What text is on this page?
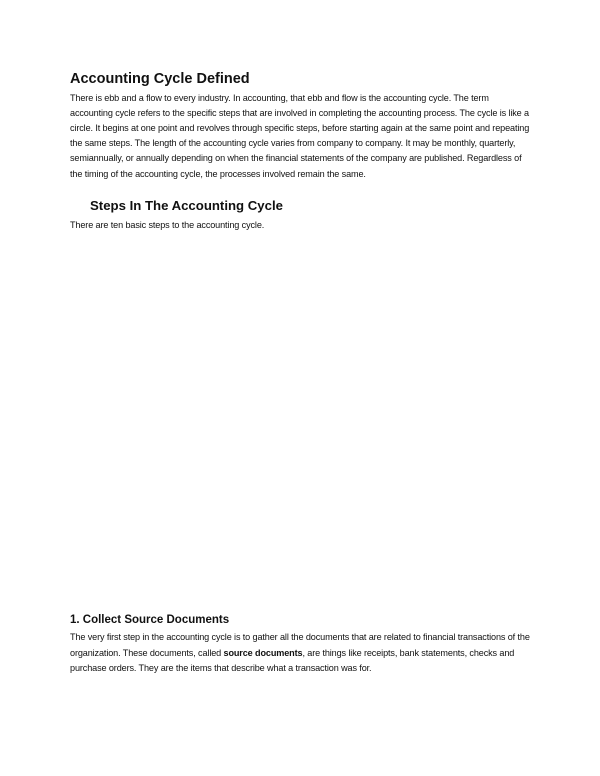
Accounting Cycle Defined

There is ebb and a flow to every industry. In accounting, that ebb and flow is the accounting cycle. The term accounting cycle refers to the specific steps that are involved in completing the accounting process. The cycle is like a circle. It begins at one point and revolves through specific steps, before starting again at the same point and repeating the same steps. The length of the accounting cycle varies from company to company. It may be monthly, quarterly, semiannually, or annually depending on when the financial statements of the company are published. Regardless of the timing of the accounting cycle, the processes involved remain the same.

Steps In The Accounting Cycle

There are ten basic steps to the accounting cycle.

1. Collect Source Documents

The very first step in the accounting cycle is to gather all the documents that are related to financial transactions of the organization. These documents, called source documents, are things like receipts, bank statements, checks and purchase orders. They are the items that describe what a transaction was for.
